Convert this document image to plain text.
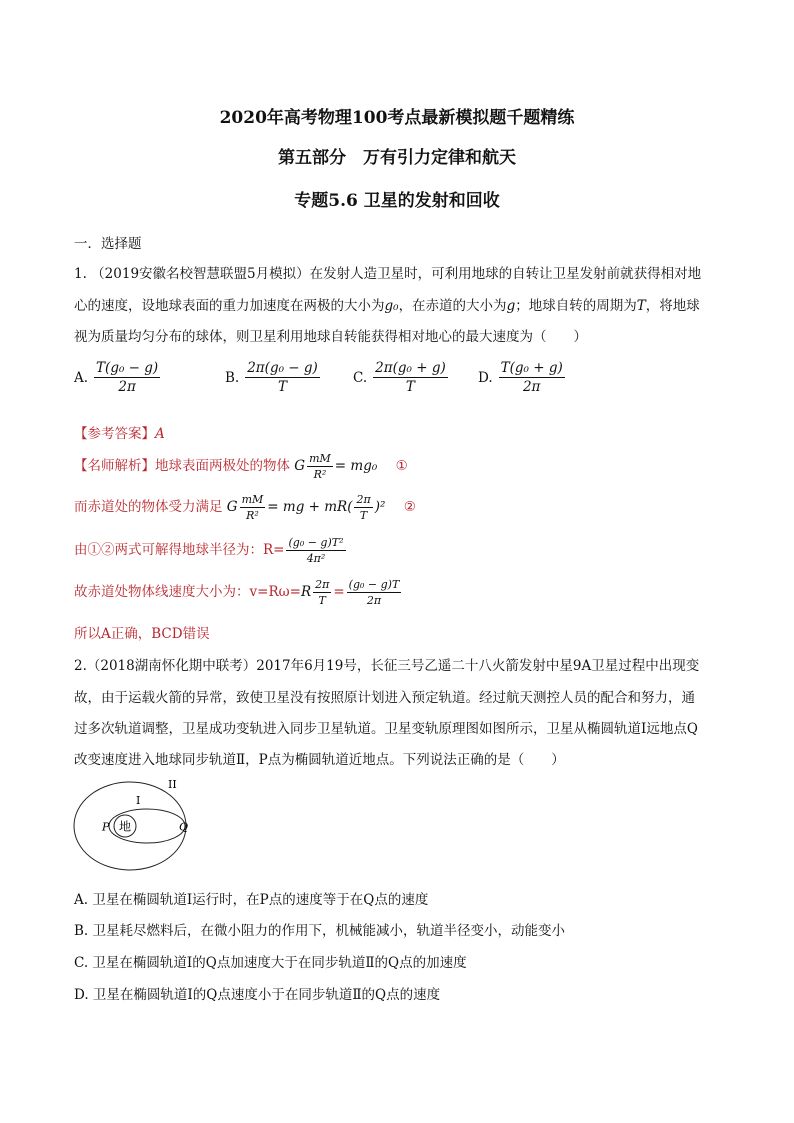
2020年高考物理100考点最新模拟题千题精练
第五部分　万有引力定律和航天
专题5.6 卫星的发射和回收
一．选择题
1. （2019安徽名校智慧联盟5月模拟）在发射人造卫星时，可利用地球的自转让卫星发射前就获得相对地
心的速度，设地球表面的重力加速度在两极的大小为g₀，在赤道的大小为g；地球自转的周期为T，将地球
视为质量均匀分布的球体，则卫星利用地球自转能获得相对地心的最大速度为（　　）
A. $\frac{\text{T(g₀ − g)}}{2\pi}$	B. $\frac{\text{2π(g₀ − g)}}{T} C$. $\frac{\text{2π(g₀ + g)}}{T} D$. $\frac{\text{T(g₀ + g)}}{2\pi}$
【参考答案】A
【名师解析】地球表面两极处的物体 G $\frac{mM}{\text{R²}} = mg_0$ ①
而赤道处的物体受力满足 G $\frac{mM}{\text{R²}}$ = mg + $mR( \frac{2\pi}{T} )^2$ ②
由①②两式可解得地球半径为：$R= \frac{\text{(g₀ − g)T²}}{\text{4π²}}$
故赤道处物体线速度大小为：$v=R\omega=R \frac{2\pi}{T} = \frac{\text{(g₀ − g)T}}{2\pi}$
所以A正确，BCD错误
2.（2018湖南怀化期中联考）2017年6月19号，长征三号乙遥二十八火箭发射中星9A卫星过程中出现变
故，由于运载火箭的异常，致使卫星没有按照原计划进入预定轨道。经过航天测控人员的配合和努力，通
过多次轨道调整，卫星成功变轨进入同步卫星轨道。卫星变轨原理图如图所示，卫星从椭圆轨道Ⅰ远地点Q
改变速度进入地球同步轨道Ⅱ，P点为椭圆轨道近地点。下列说法正确的是（　　）
地
P	Q
I
II
A. 卫星在椭圆轨道Ⅰ运行时，在P点的速度等于在Q点的速度
B. 卫星耗尽燃料后，在微小阻力的作用下，机械能减小，轨道半径变小，动能变小
C. 卫星在椭圆轨道Ⅰ的Q点加速度大于在同步轨道Ⅱ的Q点的加速度
D. 卫星在椭圆轨道Ⅰ的Q点速度小于在同步轨道Ⅱ的Q点的速度
